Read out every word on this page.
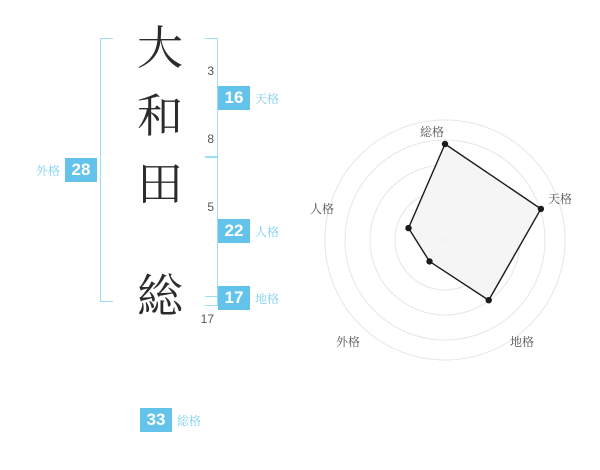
大	3
和	8
田	5
総	17
16 天格
22 人格
17 地格
外格 28
33 総格
総格
天格
地格
外格
人格
